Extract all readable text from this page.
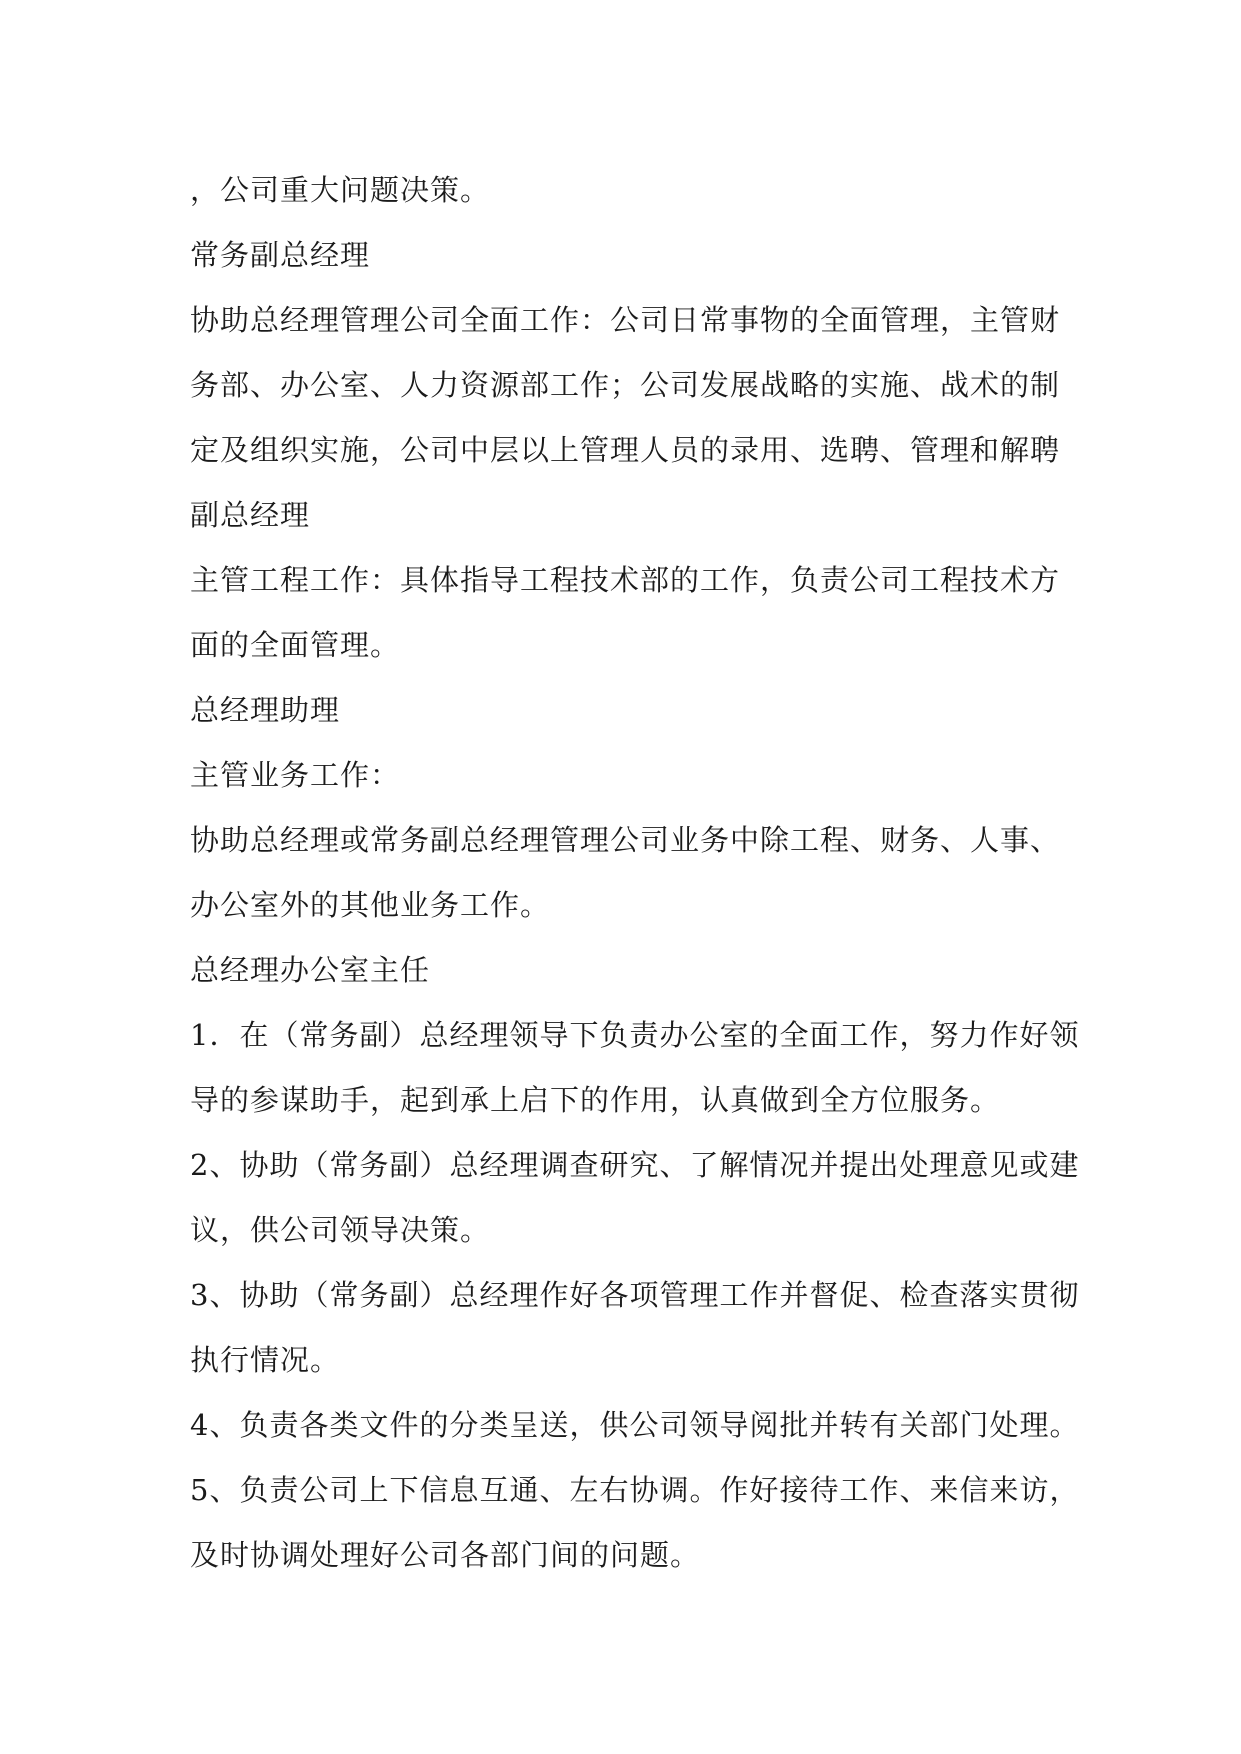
，公司重大问题决策。
常务副总经理
协助总经理管理公司全面工作：公司日常事物的全面管理，主管财
务部、办公室、人力资源部工作；公司发展战略的实施、战术的制
定及组织实施，公司中层以上管理人员的录用、选聘、管理和解聘
副总经理
主管工程工作：具体指导工程技术部的工作，负责公司工程技术方
面的全面管理。
总经理助理
主管业务工作：
协助总经理或常务副总经理管理公司业务中除工程、财务、人事、
办公室外的其他业务工作。
总经理办公室主任
1．在（常务副）总经理领导下负责办公室的全面工作，努力作好领
导的参谋助手，起到承上启下的作用，认真做到全方位服务。
2、协助（常务副）总经理调查研究、了解情况并提出处理意见或建
议，供公司领导决策。
3、协助（常务副）总经理作好各项管理工作并督促、检查落实贯彻
执行情况。
4、负责各类文件的分类呈送，供公司领导阅批并转有关部门处理。
5、负责公司上下信息互通、左右协调。作好接待工作、来信来访，
及时协调处理好公司各部门间的问题。
